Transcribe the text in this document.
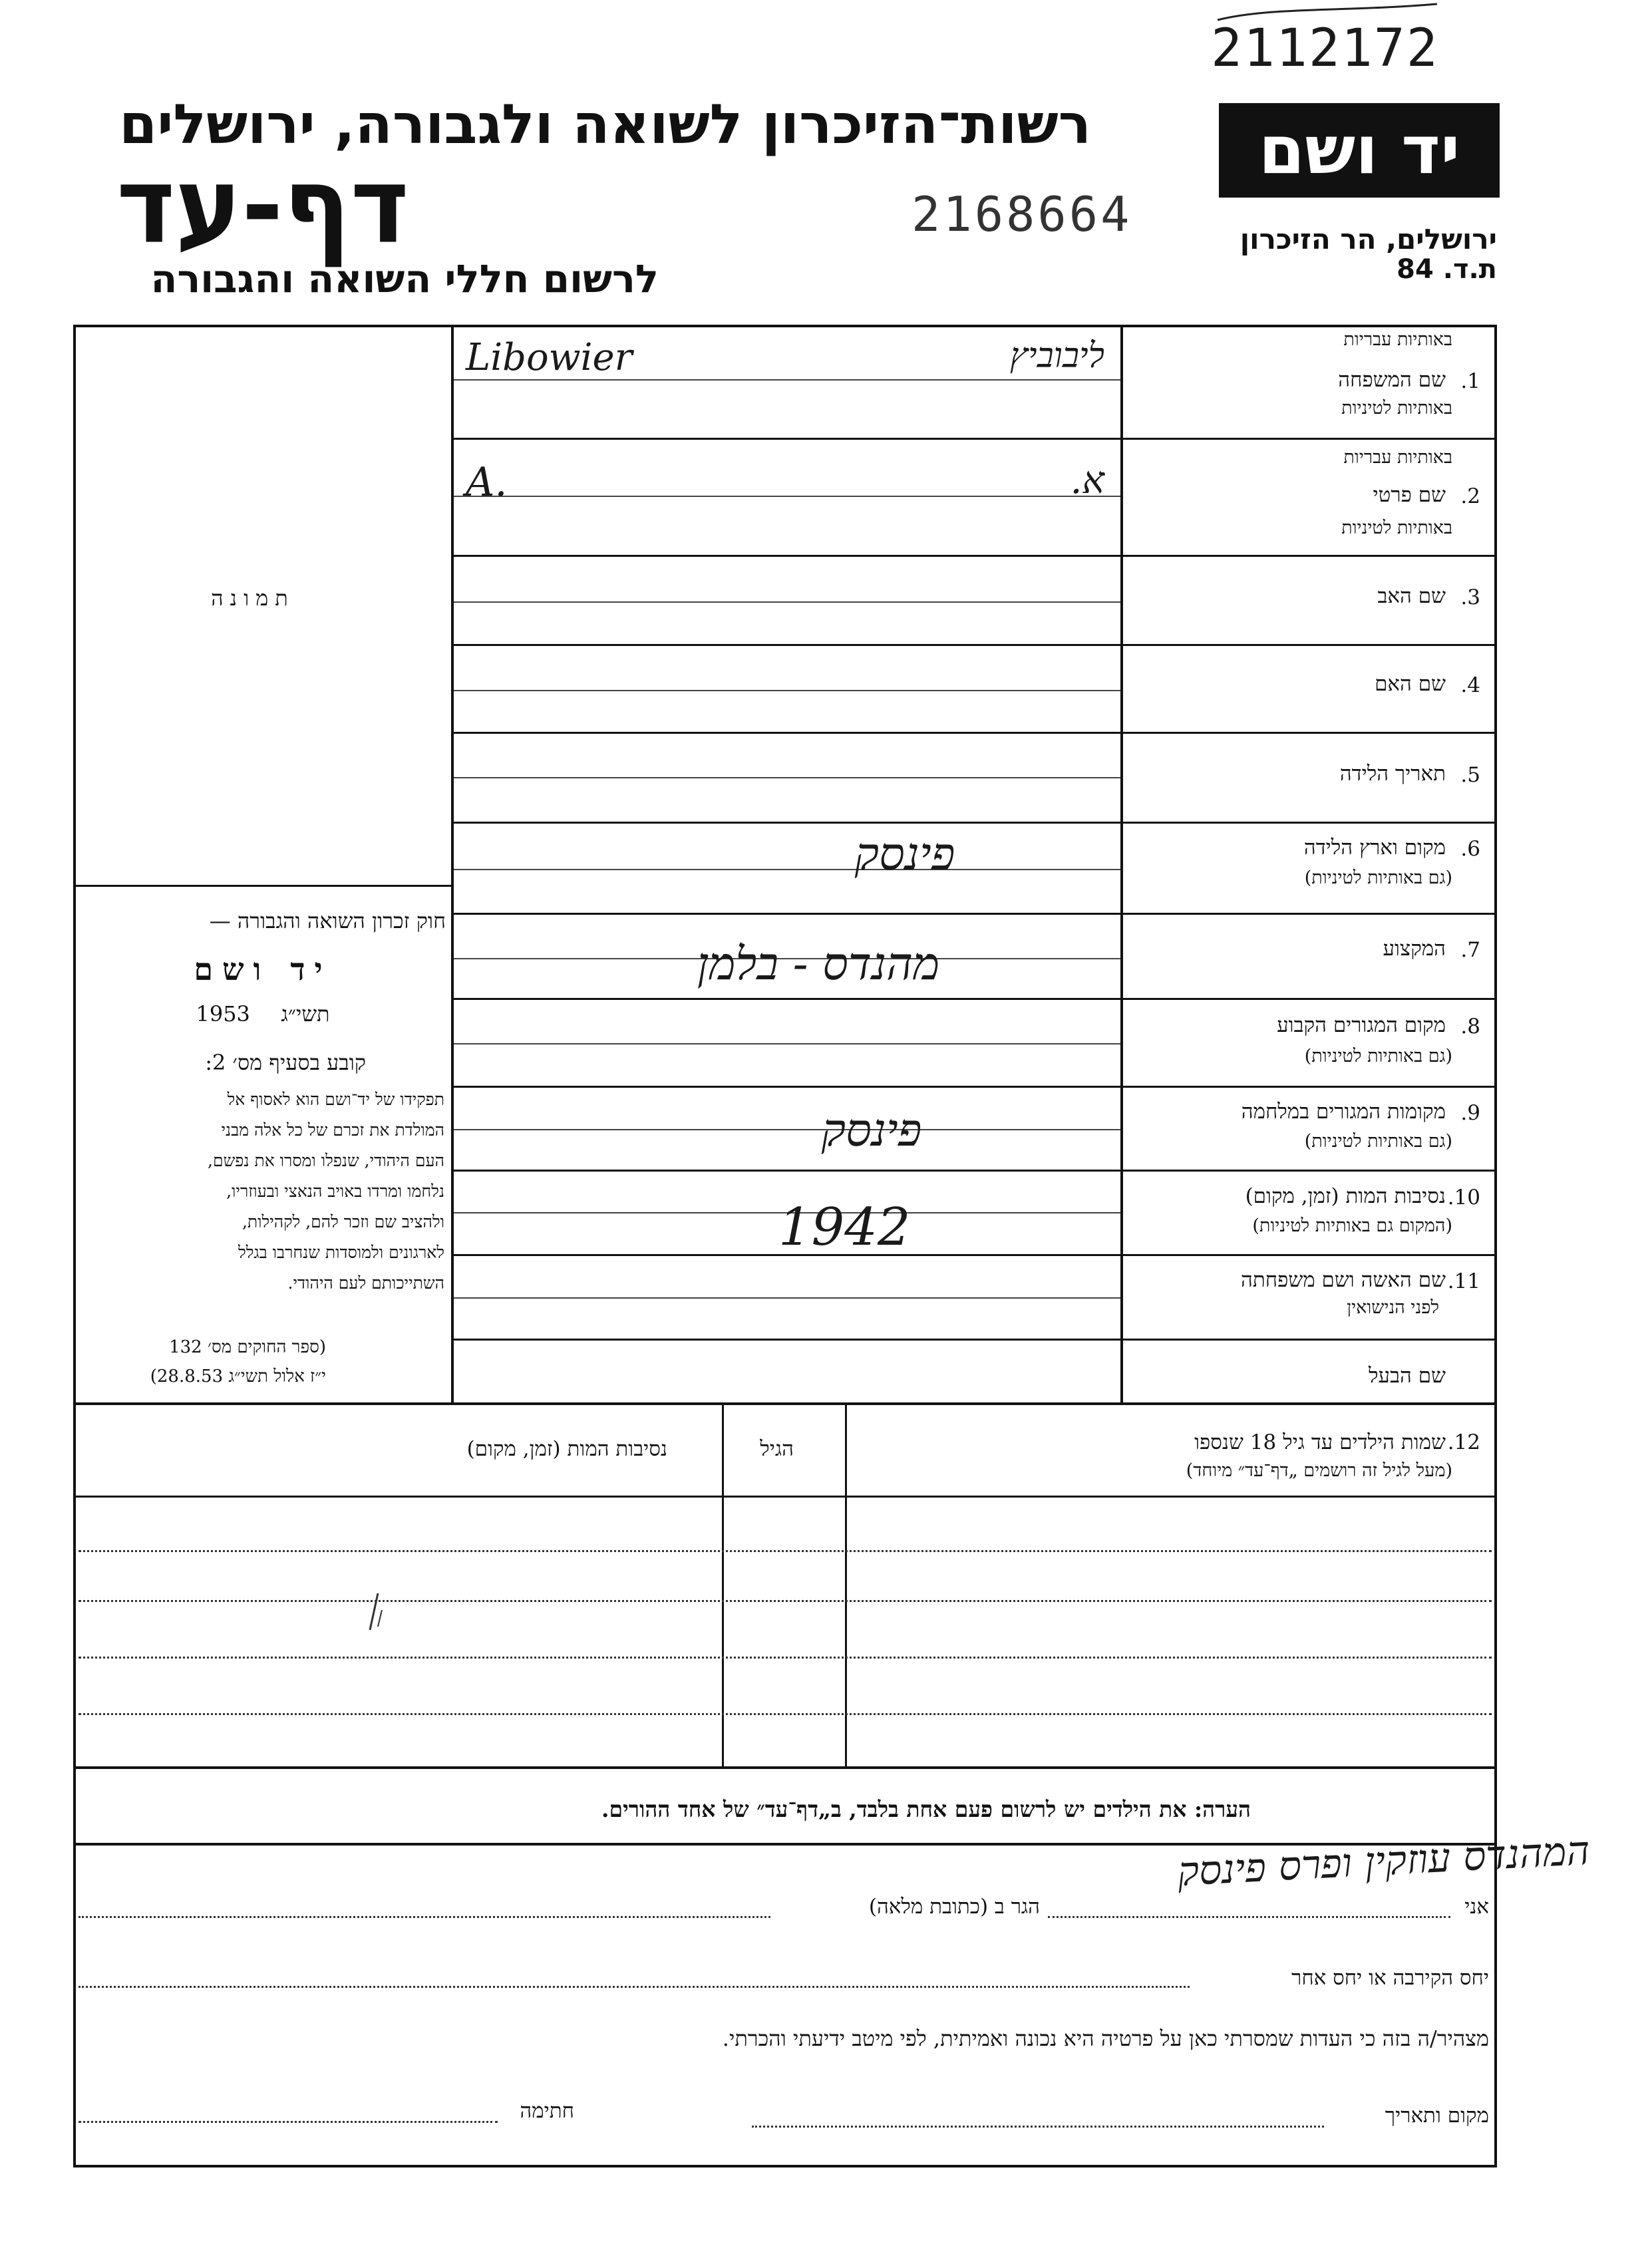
2112172
רשות־הזיכרון לשואה ולגבורה, ירושלים
דף-עד	2168664
לרשום חללי השואה והגבורה
יד ושם
ירושלים, הר הזיכרון
ת.ד. 84
תמונה
חוק זכרון השואה והגבורה —
יד ושם
1953 תשי״ג
קובע בסעיף מס׳ 2:
תפקידו של יד־ושם הוא לאסוף אל
המולדת את זכרם של כל אלה מבני
העם היהודי, שנפלו ומסרו את נפשם,
נלחמו ומרדו באויב הנאצי ובעוזריו,
ולהציב שם וזכר להם, לקהילות,
לארגונים ולמוסדות שנחרבו בגלל
השתייכותם לעם היהודי.
(ספר החוקים מס׳ 132
י״ז אלול תשי״ג 28.8.53)
באותיות עבריות
1.
שם המשפחה
באותיות לטיניות
Libowier	ליבוביץ
באותיות עבריות
2.
שם פרטי
באותיות לטיניות
A.	א.
3.
שם האב
4.
שם האם
5.
תאריך הלידה
6.
מקום וארץ הלידה
(גם באותיות לטיניות)
פינסק
7.
המקצוע
מהנדס - בלמן
8.
מקום המגורים הקבוע
(גם באותיות לטיניות)
9.
מקומות המגורים במלחמה
(גם באותיות לטיניות)
פינסק
10.
נסיבות המות (זמן, מקום)
(המקום גם באותיות לטיניות)
1942
11.
שם האשה ושם משפחתה
לפני הנישואין
שם הבעל
12.
שמות הילדים עד גיל 18 שנספו
(מעל לגיל זה רושמים „דף־עד״ מיוחד)
הגיל
נסיבות המות (זמן, מקום)
הערה: את הילדים יש לרשום פעם אחת בלבד, ב„דף־עד״ של אחד ההורים.
אני
המהנדס עוזקין ופרס פינסק
הגר ב (כתובת מלאה)
יחס הקירבה או יחס אחר
מצהיר/ה בזה כי העדות שמסרתי כאן על פרטיה היא נכונה ואמיתית, לפי מיטב ידיעתי והכרתי.
מקום ותאריך
חתימה
